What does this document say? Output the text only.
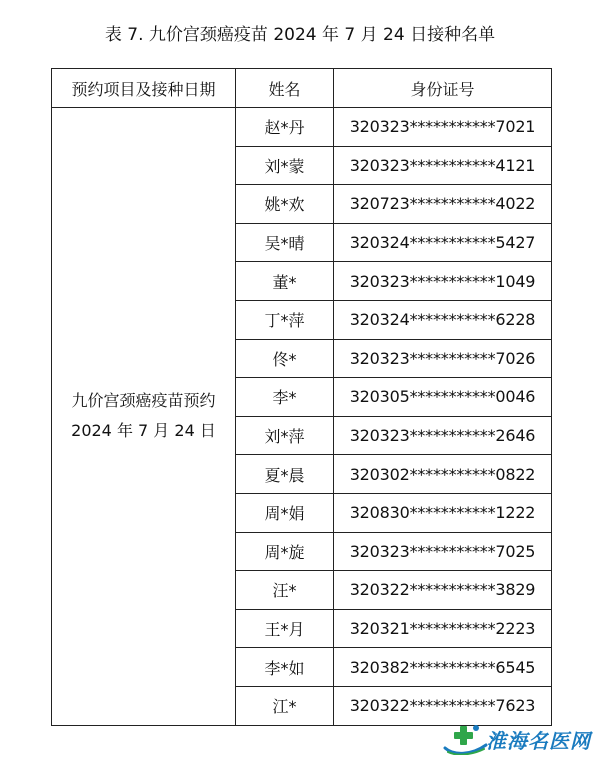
表 7. 九价宫颈癌疫苗 2024 年 7 月 24 日接种名单
预约项目及接种日期	姓名	身份证号

九价宫颈癌疫苗预约
2024 年 7 月 24 日	赵*丹	320323***********7021
	刘*蒙	320323***********4121
	姚*欢	320723***********4022
	吴*晴	320324***********5427
	董*	320323***********1049
	丁*萍	320324***********6228
	佟*	320323***********7026
	李*	320305***********0046
	刘*萍	320323***********2646
	夏*晨	320302***********0822
	周*娟	320830***********1222
	周*旋	320323***********7025
	汪*	320322***********3829
	王*月	320321***********2223
	李*如	320382***********6545
	江*	320322***********7623
淮海名医网
